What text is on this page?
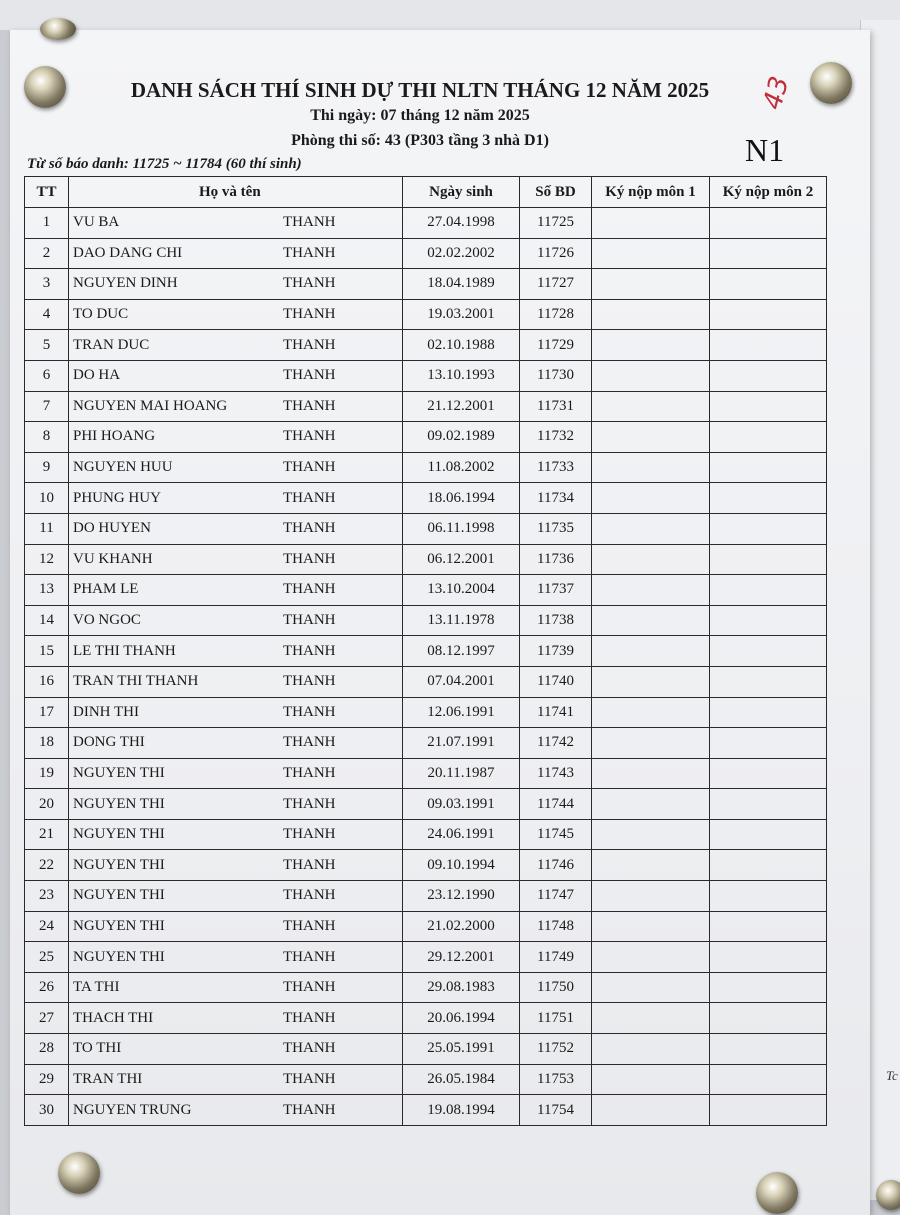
Tc
DANH SÁCH THÍ SINH DỰ THI NLTN THÁNG 12 NĂM 2025
Thi ngày: 07 tháng 12 năm 2025
Phòng thi số: 43 (P303 tầng 3 nhà D1)
Từ số báo danh: 11725 ~ 11784 (60 thí sinh)	N1
43
TT	Họ và tên	Ngày sinh	Số BD	Ký nộp môn 1	Ký nộp môn 2
1	VU BA THANH	27.04.1998	11725		
2	DAO DANG CHI THANH	02.02.2002	11726		
3	NGUYEN DINH THANH	18.04.1989	11727		
4	TO DUC THANH	19.03.2001	11728		
5	TRAN DUC THANH	02.10.1988	11729		
6	DO HA THANH	13.10.1993	11730		
7	NGUYEN MAI HOANG THANH	21.12.2001	11731		
8	PHI HOANG THANH	09.02.1989	11732		
9	NGUYEN HUU THANH	11.08.2002	11733		
10	PHUNG HUY THANH	18.06.1994	11734		
11	DO HUYEN THANH	06.11.1998	11735		
12	VU KHANH THANH	06.12.2001	11736		
13	PHAM LE THANH	13.10.2004	11737		
14	VO NGOC THANH	13.11.1978	11738		
15	LE THI THANH THANH	08.12.1997	11739		
16	TRAN THI THANH THANH	07.04.2001	11740		
17	DINH THI THANH	12.06.1991	11741		
18	DONG THI THANH	21.07.1991	11742		
19	NGUYEN THI THANH	20.11.1987	11743		
20	NGUYEN THI THANH	09.03.1991	11744		
21	NGUYEN THI THANH	24.06.1991	11745		
22	NGUYEN THI THANH	09.10.1994	11746		
23	NGUYEN THI THANH	23.12.1990	11747		
24	NGUYEN THI THANH	21.02.2000	11748		
25	NGUYEN THI THANH	29.12.2001	11749		
26	TA THI THANH	29.08.1983	11750		
27	THACH THI THANH	20.06.1994	11751		
28	TO THI THANH	25.05.1991	11752		
29	TRAN THI THANH	26.05.1984	11753		
30	NGUYEN TRUNG THANH	19.08.1994	11754		
